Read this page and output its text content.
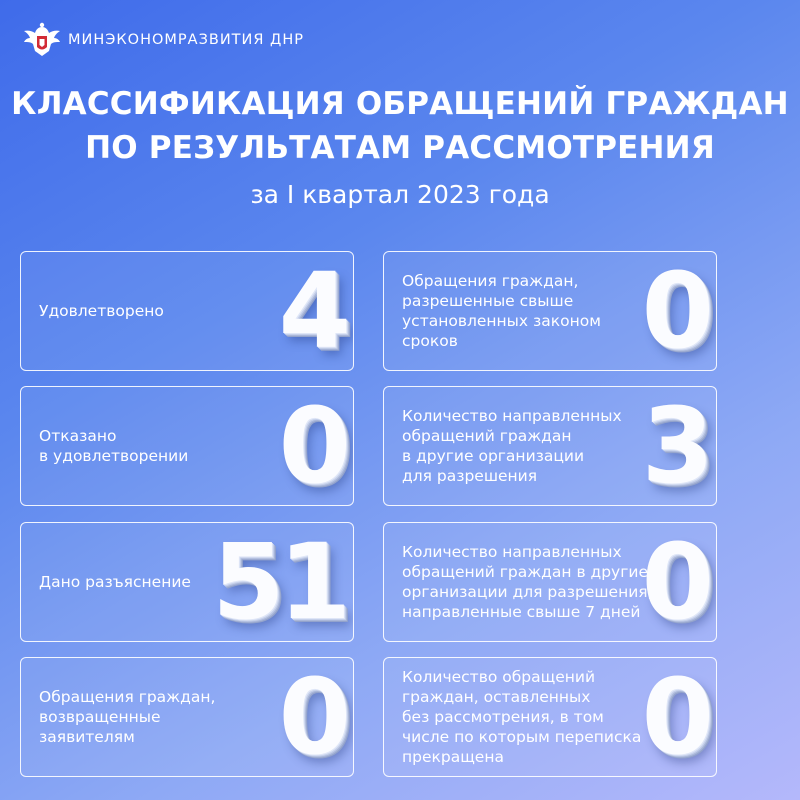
МИНЭКОНОМРАЗВИТИЯ ДНР
КЛАССИФИКАЦИЯ ОБРАЩЕНИЙ ГРАЖДАН
ПО РЕЗУЛЬТАТАМ РАССМОТРЕНИЯ
за I квартал 2023 года
Удовлетворено	4	Обращения граждан,
разрешенные свыше
установленных законом
сроков	0
Отказано
в удовлетворении 0	Количество направленных
обращений граждан
в другие организации
для разрешения	3
Дано разъяснение 51	Количество направленных
обращений граждан в другие
организации для разрешения,
направленные свыше 7 дней 0
Обращения граждан,
возвращенные
заявителям	0	Количество обращений
граждан, оставленных
без рассмотрения, в том
числе по которым переписка
прекращена	0
